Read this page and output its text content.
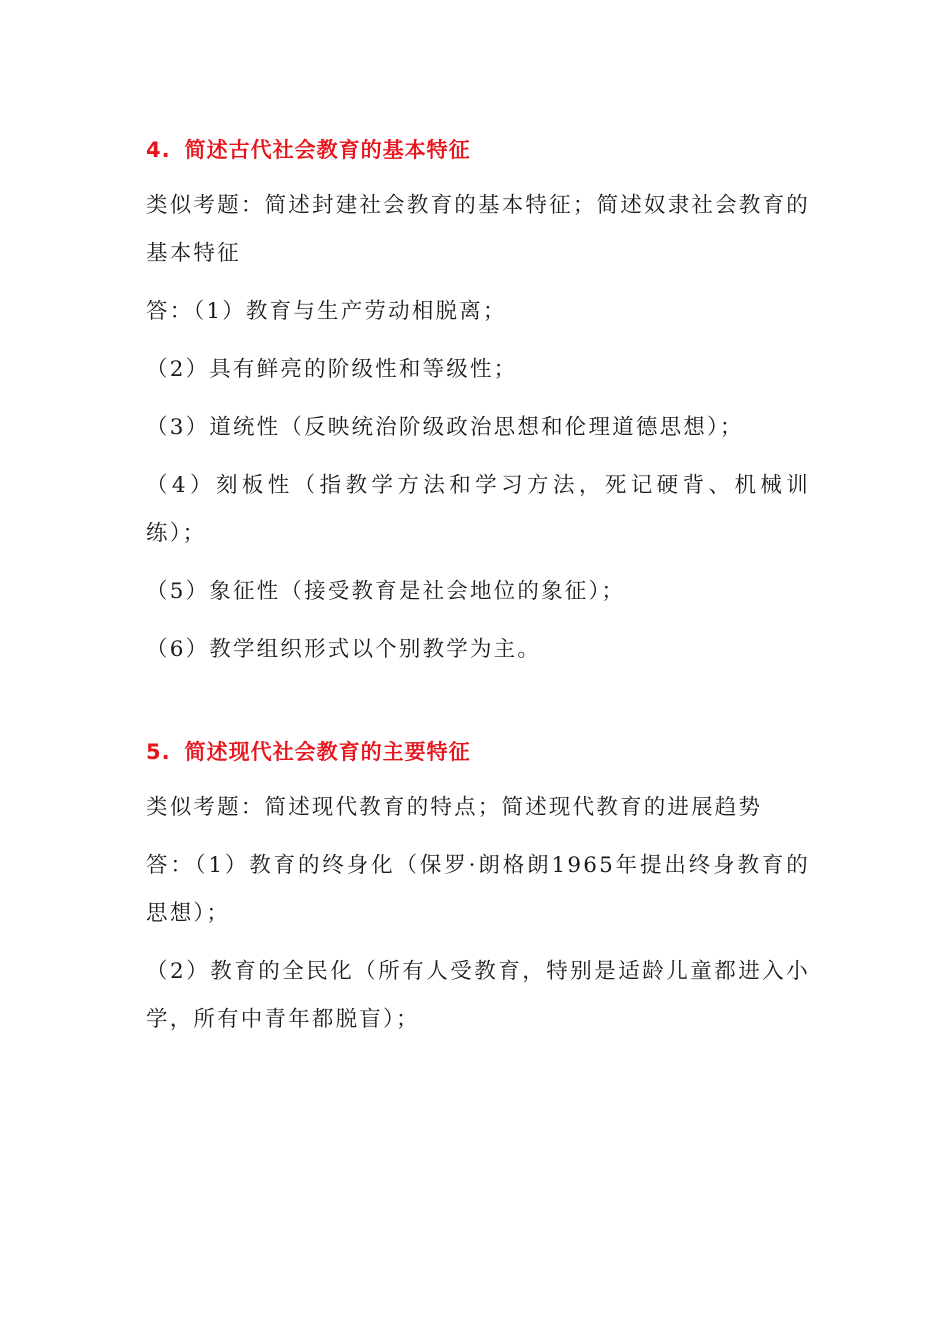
4. 简述古代社会教育的基本特征

类似考题：简述封建社会教育的基本特征；简述奴隶社会教育的基本特征

答：（1）教育与生产劳动相脱离；

（2）具有鲜亮的阶级性和等级性；

（3）道统性（反映统治阶级政治思想和伦理道德思想）；

（4）刻板性（指教学方法和学习方法，死记硬背、机械训练）；

（5）象征性（接受教育是社会地位的象征）；

（6）教学组织形式以个别教学为主。

5. 简述现代社会教育的主要特征

类似考题：简述现代教育的特点；简述现代教育的进展趋势

答：（1）教育的终身化（保罗·朗格朗1965年提出终身教育的思想）；

（2）教育的全民化（所有人受教育，特别是适龄儿童都进入小学，所有中青年都脱盲）；
